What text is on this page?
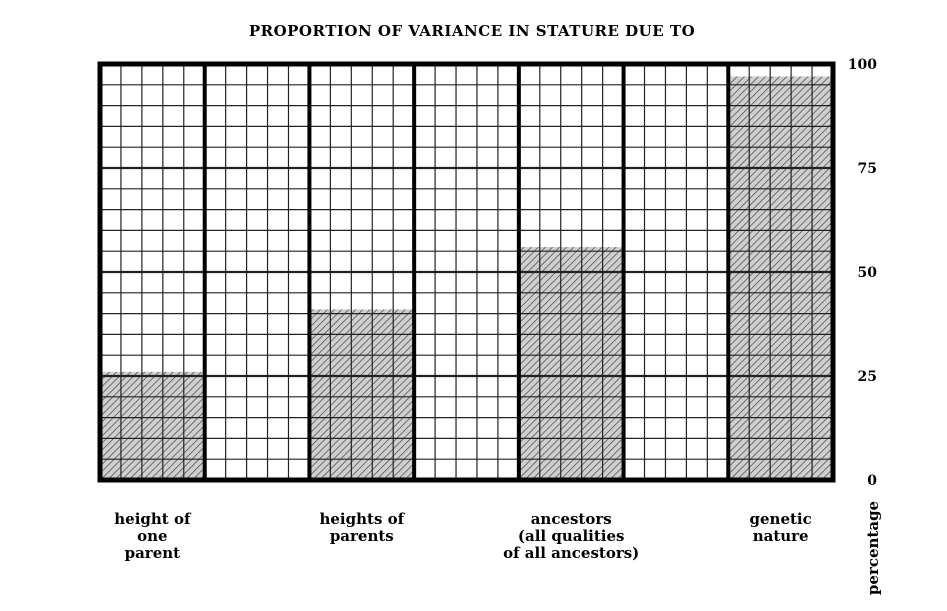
PROPORTION OF VARIANCE IN STATURE DUE TO
0
25
50
75
100
height of one parent
heights of parents
ancestors (all qualities of all ancestors)
genetic nature	percentage
